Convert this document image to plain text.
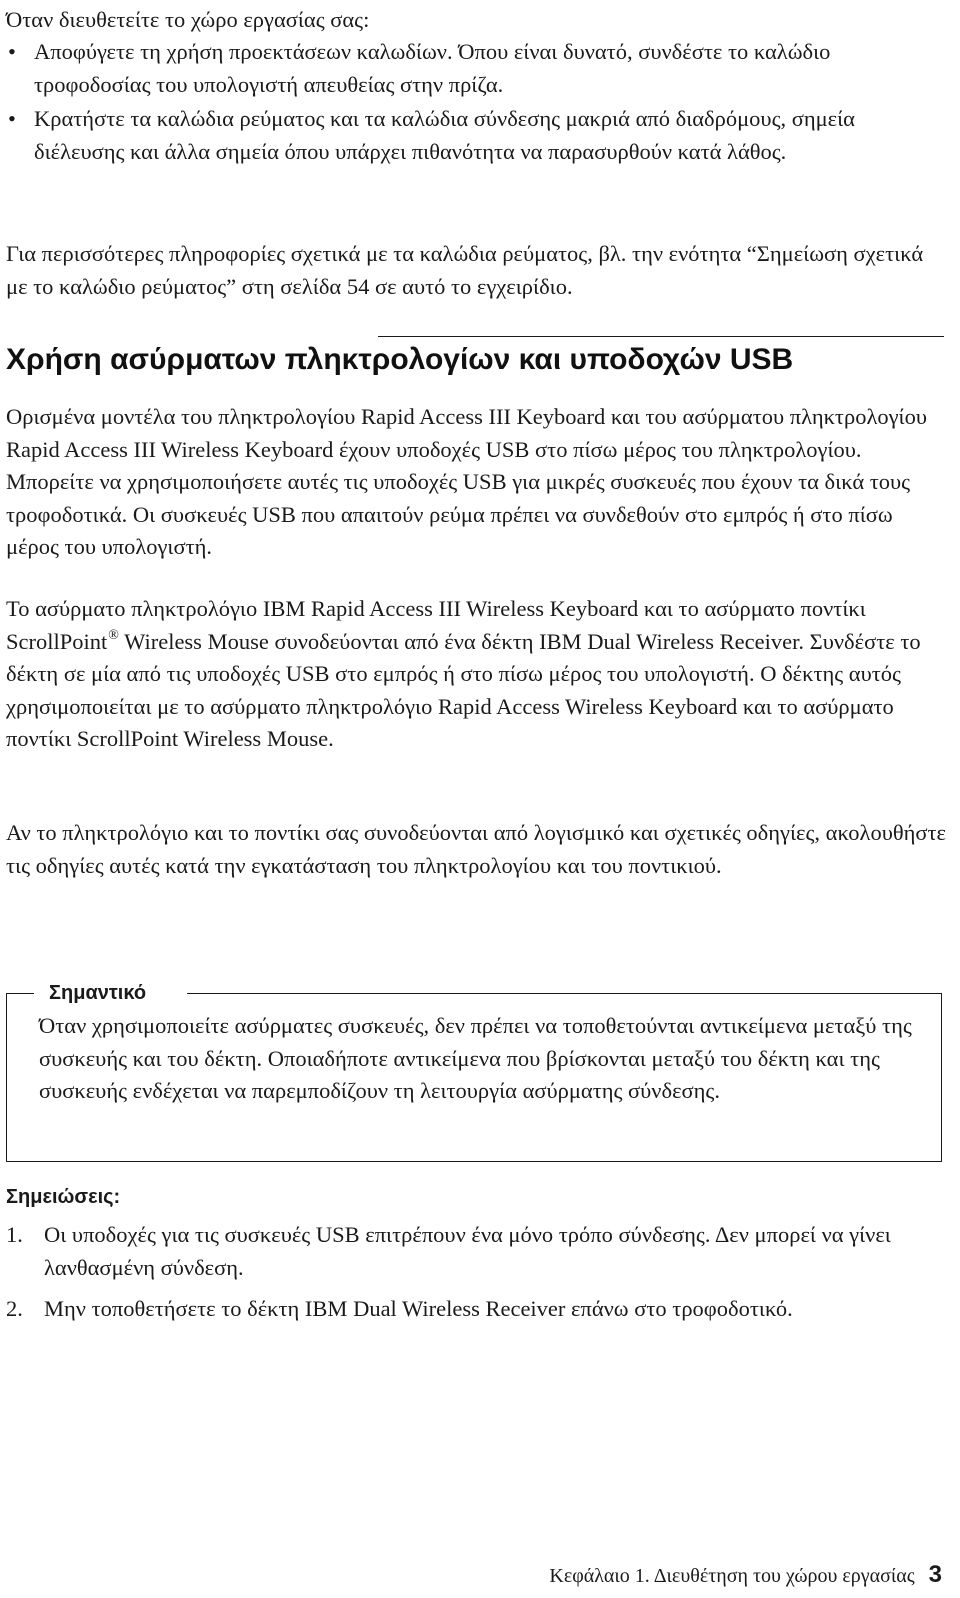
Όταν διευθετείτε το χώρο εργασίας σας:

• Αποφύγετε τη χρήση προεκτάσεων καλωδίων. Όπου είναι δυνατό, συνδέστε το καλώδιο τροφοδοσίας του υπολογιστή απευθείας στην πρίζα.
• Κρατήστε τα καλώδια ρεύματος και τα καλώδια σύνδεσης μακριά από διαδρόμους, σημεία διέλευσης και άλλα σημεία όπου υπάρχει πιθανότητα να παρασυρθούν κατά λάθος.

Για περισσότερες πληροφορίες σχετικά με τα καλώδια ρεύματος, βλ. την ενότητα “Σημείωση σχετικά με το καλώδιο ρεύματος” στη σελίδα 54 σε αυτό το εγχειρίδιο.

Χρήση ασύρματων πληκτρολογίων και υποδοχών USB

Ορισμένα μοντέλα του πληκτρολογίου Rapid Access III Keyboard και του ασύρματου πληκτρολογίου Rapid Access III Wireless Keyboard έχουν υποδοχές USB στο πίσω μέρος του πληκτρολογίου. Μπορείτε να χρησιμοποιήσετε αυτές τις υποδοχές USB για μικρές συσκευές που έχουν τα δικά τους τροφοδοτικά. Οι συσκευές USB που απαιτούν ρεύμα πρέπει να συνδεθούν στο εμπρός ή στο πίσω μέρος του υπολογιστή.

Το ασύρματο πληκτρολόγιο IBM Rapid Access III Wireless Keyboard και το ασύρματο ποντίκι ScrollPoint® Wireless Mouse συνοδεύονται από ένα δέκτη IBM Dual Wireless Receiver. Συνδέστε το δέκτη σε μία από τις υποδοχές USB στο εμπρός ή στο πίσω μέρος του υπολογιστή. Ο δέκτης αυτός χρησιμοποιείται με το ασύρματο πληκτρολόγιο Rapid Access Wireless Keyboard και το ασύρματο ποντίκι ScrollPoint Wireless Mouse.

Αν το πληκτρολόγιο και το ποντίκι σας συνοδεύονται από λογισμικό και σχετικές οδηγίες, ακολουθήστε τις οδηγίες αυτές κατά την εγκατάσταση του πληκτρολογίου και του ποντικιού.

Σημαντικό

Όταν χρησιμοποιείτε ασύρματες συσκευές, δεν πρέπει να τοποθετούνται αντικείμενα μεταξύ της συσκευής και του δέκτη. Οποιαδήποτε αντικείμενα που βρίσκονται μεταξύ του δέκτη και της συσκευής ενδέχεται να παρεμποδίζουν τη λειτουργία ασύρματης σύνδεσης.

Σημειώσεις:
1. Οι υποδοχές για τις συσκευές USB επιτρέπουν ένα μόνο τρόπο σύνδεσης. Δεν μπορεί να γίνει λανθασμένη σύνδεση.
2. Μην τοποθετήσετε το δέκτη IBM Dual Wireless Receiver επάνω στο τροφοδοτικό.
Κεφάλαιο 1. Διευθέτηση του χώρου εργασίας 3
